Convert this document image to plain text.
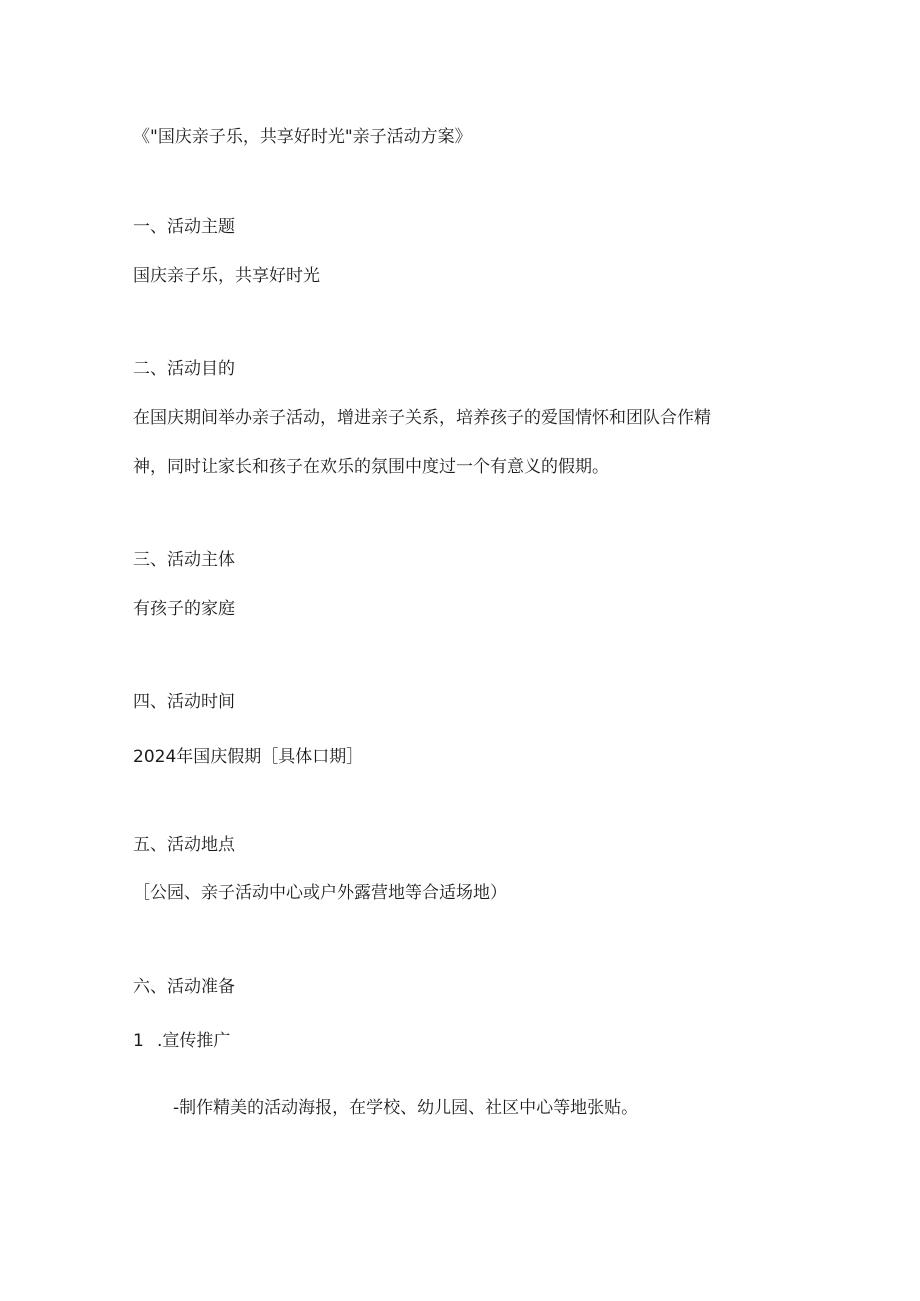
《"国庆亲子乐，共享好时光"亲子活动方案》
一、活动主题
国庆亲子乐，共享好时光
二、活动目的
在国庆期间举办亲子活动，增进亲子关系，培养孩子的爱国情怀和团队合作精
神，同时让家长和孩子在欢乐的氛围中度过一个有意义的假期。
三、活动主体
有孩子的家庭
四、活动时间
2024年国庆假期［具体口期］
五、活动地点
［公园、亲子活动中心或户外露营地等合适场地）
六、活动准备
1 .宣传推广
-制作精美的活动海报，在学校、幼儿园、社区中心等地张贴。
